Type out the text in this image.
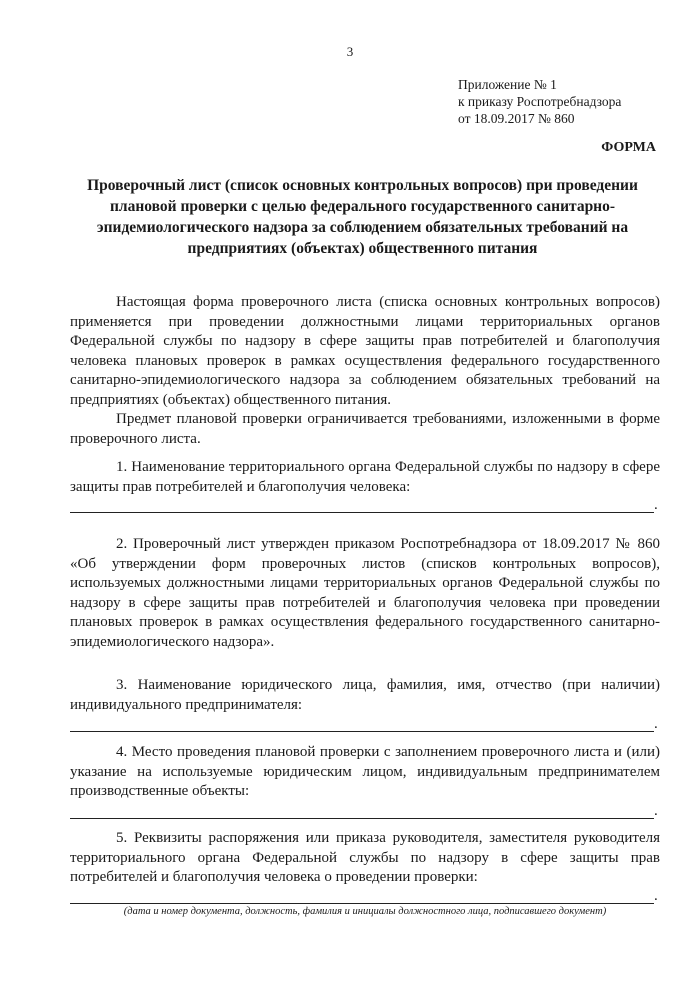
3
Приложение № 1
к приказу Роспотребнадзора
от 18.09.2017 № 860
ФОРМА
Проверочный лист (список основных контрольных вопросов) при проведении плановой проверки с целью федерального государственного санитарно-эпидемиологического надзора за соблюдением обязательных требований на предприятиях (объектах) общественного питания
Настоящая форма проверочного листа (списка основных контрольных вопросов) применяется при проведении должностными лицами территориальных органов Федеральной службы по надзору в сфере защиты прав потребителей и благополучия человека плановых проверок в рамках осуществления федерального государственного санитарно-эпидемиологического надзора за соблюдением обязательных требований на предприятиях (объектах) общественного питания.
Предмет плановой проверки ограничивается требованиями, изложенными в форме проверочного листа.
1. Наименование территориального органа Федеральной службы по надзору в сфере защиты прав потребителей и благополучия человека:
.
2. Проверочный лист утвержден приказом Роспотребнадзора от 18.09.2017 № 860 «Об утверждении форм проверочных листов (списков контрольных вопросов), используемых должностными лицами территориальных органов Федеральной службы по надзору в сфере защиты прав потребителей и благополучия человека при проведении плановых проверок в рамках осуществления федерального государственного санитарно-эпидемиологического надзора».
3. Наименование юридического лица, фамилия, имя, отчество (при наличии) индивидуального предпринимателя:
.
4. Место проведения плановой проверки с заполнением проверочного листа и (или) указание на используемые юридическим лицом, индивидуальным предпринимателем производственные объекты:
.
5. Реквизиты распоряжения или приказа руководителя, заместителя руководителя территориального органа Федеральной службы по надзору в сфере защиты прав потребителей и благополучия человека о проведении проверки:
.
(дата и номер документа, должность, фамилия и инициалы должностного лица, подписавшего документ)
